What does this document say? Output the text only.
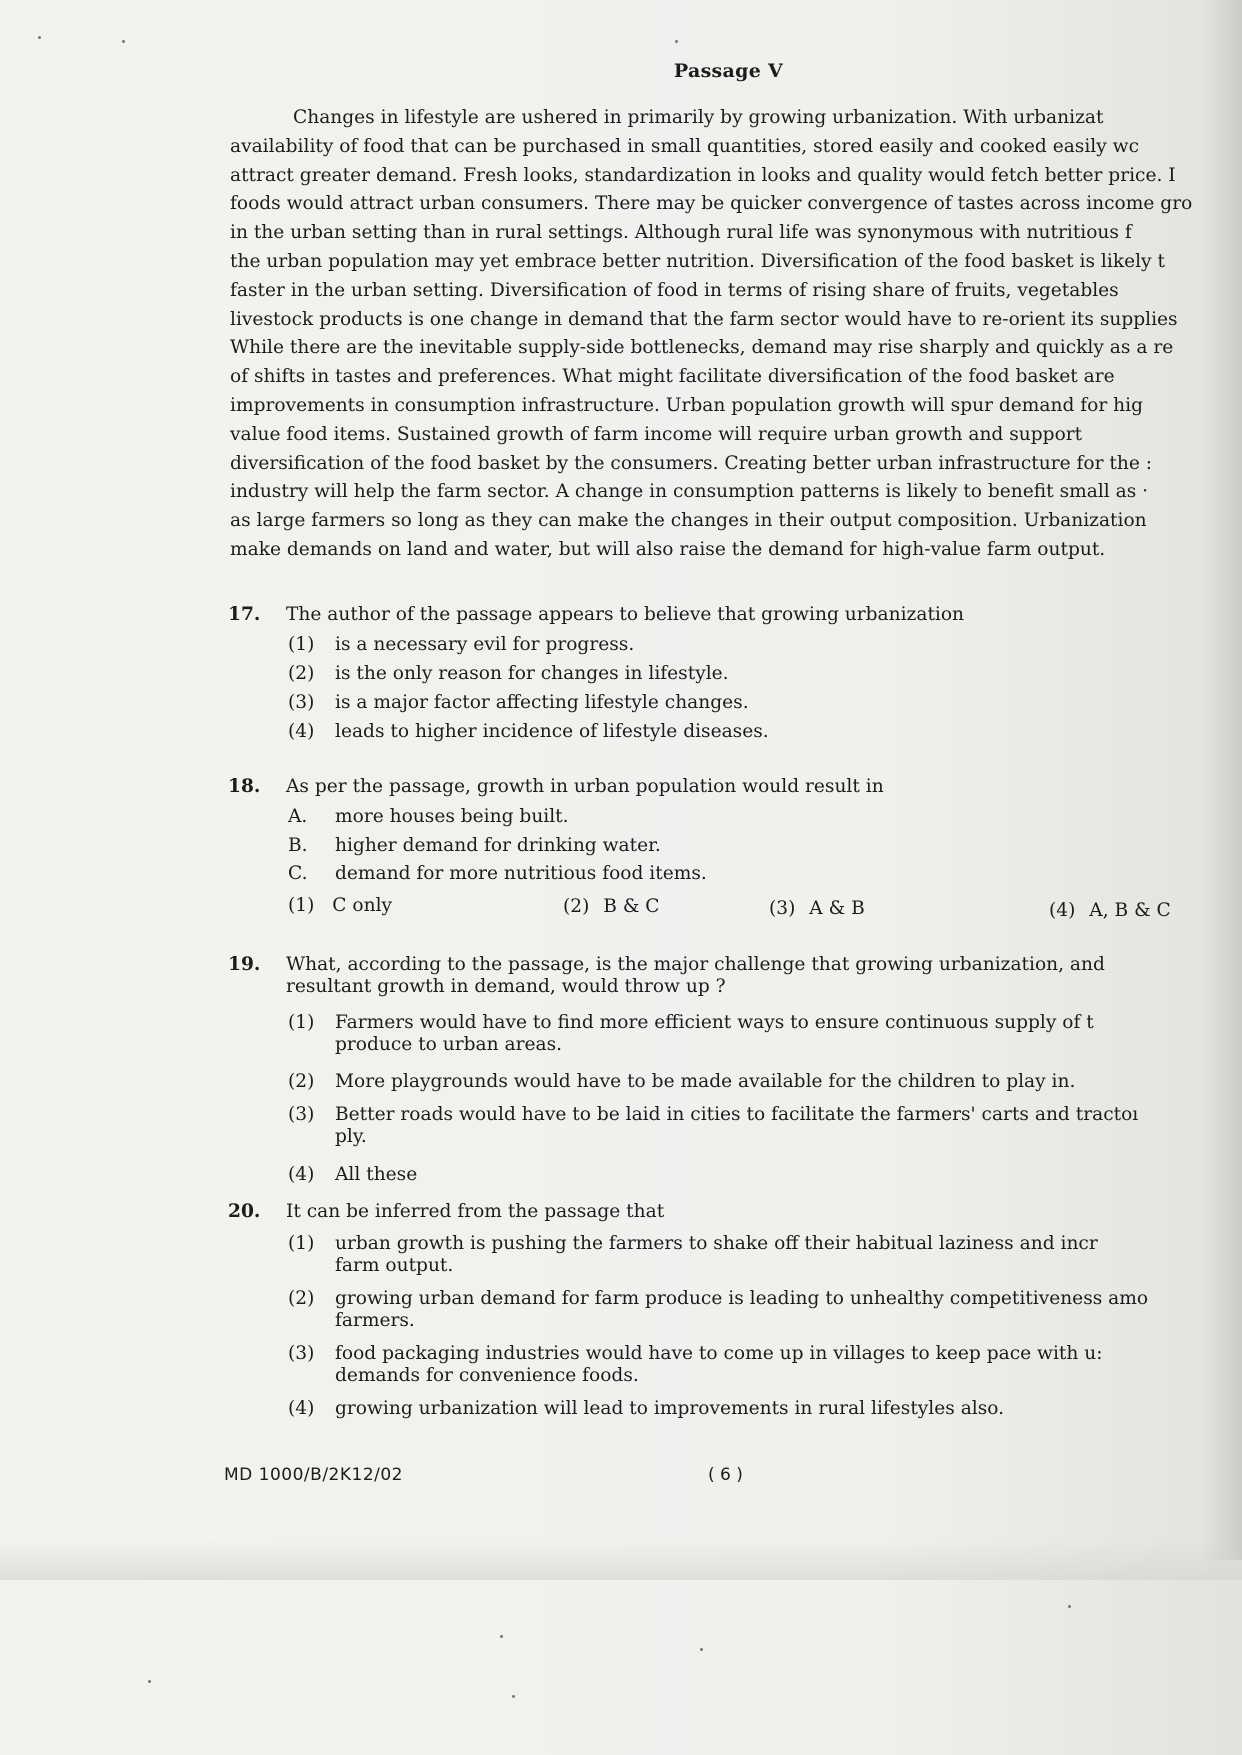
Passage V
Changes in lifestyle are ushered in primarily by growing urbanization. With urbanizat
availability of food that can be purchased in small quantities, stored easily and cooked easily wc
attract greater demand. Fresh looks, standardization in looks and quality would fetch better price. I
foods would attract urban consumers. There may be quicker convergence of tastes across income gro
in the urban setting than in rural settings. Although rural life was synonymous with nutritious f
the urban population may yet embrace better nutrition. Diversification of the food basket is likely t
faster in the urban setting. Diversification of food in terms of rising share of fruits, vegetables
livestock products is one change in demand that the farm sector would have to re-orient its supplies
While there are the inevitable supply-side bottlenecks, demand may rise sharply and quickly as a re
of shifts in tastes and preferences. What might facilitate diversification of the food basket are
improvements in consumption infrastructure. Urban population growth will spur demand for hig
value food items. Sustained growth of farm income will require urban growth and support
diversification of the food basket by the consumers. Creating better urban infrastructure for the :
industry will help the farm sector. A change in consumption patterns is likely to benefit small as ·
as large farmers so long as they can make the changes in their output composition. Urbanization
make demands on land and water, but will also raise the demand for high-value farm output.
17.	The author of the passage appears to believe that growing urbanization
(1)	is a necessary evil for progress.
(2)	is the only reason for changes in lifestyle.
(3)	is a major factor affecting lifestyle changes.
(4)	leads to higher incidence of lifestyle diseases.
18.	As per the passage, growth in urban population would result in
A.	more houses being built.
B.	higher demand for drinking water.
C.	demand for more nutritious food items.
(1) C only	(2) B & C	(3) A & B	(4) A, B & C
19.	What, according to the passage, is the major challenge that growing urbanization, and
resultant growth in demand, would throw up ?
(1)	Farmers would have to find more efficient ways to ensure continuous supply of t
produce to urban areas.
(2)	More playgrounds would have to be made available for the children to play in.
(3)	Better roads would have to be laid in cities to facilitate the farmers' carts and tractoı
ply.
(4)	All these
20.	It can be inferred from the passage that
(1)	urban growth is pushing the farmers to shake off their habitual laziness and incr
farm output.
(2)	growing urban demand for farm produce is leading to unhealthy competitiveness amo
farmers.
(3)	food packaging industries would have to come up in villages to keep pace with u:
demands for convenience foods.
(4)	growing urbanization will lead to improvements in rural lifestyles also.
MD 1000/B/2K12/02	( 6 )
